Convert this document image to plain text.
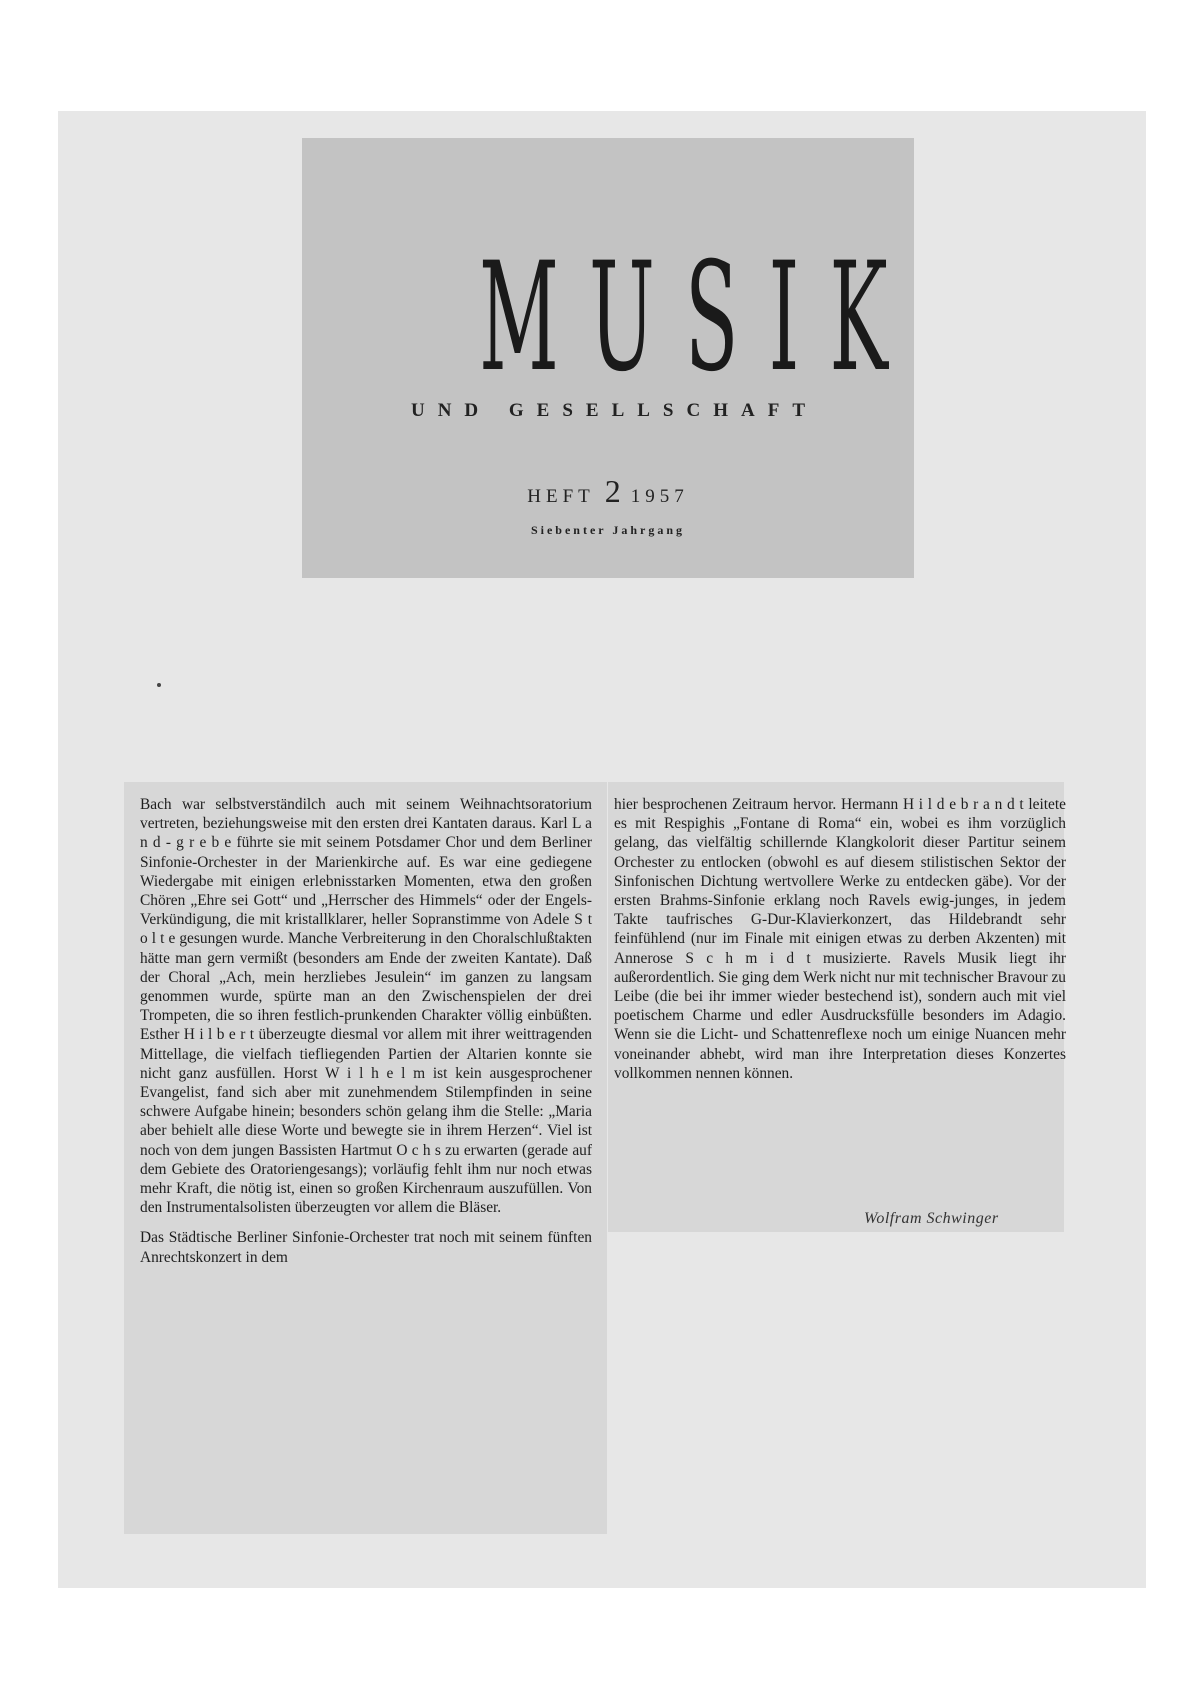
MUSIK
UND GESELLSCHAFT
HEFT 2 1957
Siebenter Jahrgang

Bach war selbstverständilch auch mit seinem Weihnachtsoratorium vertreten, beziehungsweise mit den ersten drei Kantaten daraus. Karl L a n d - g r e b e führte sie mit seinem Potsdamer Chor und dem Berliner Sinfonie-Orchester in der Marienkirche auf. Es war eine gediegene Wiedergabe mit einigen erlebnisstarken Momenten, etwa den großen Chören „Ehre sei Gott“ und „Herrscher des Himmels“ oder der Engels-Verkündigung, die mit kristallklarer, heller Sopranstimme von Adele S t o l t e gesungen wurde. Manche Verbreiterung in den Choralschlußtakten hätte man gern vermißt (besonders am Ende der zweiten Kantate). Daß der Choral „Ach, mein herzliebes Jesulein“ im ganzen zu langsam genommen wurde, spürte man an den Zwischenspielen der drei Trompeten, die so ihren festlich-prunkenden Charakter völlig einbüßten. Esther H i l b e r t überzeugte diesmal vor allem mit ihrer weittragenden Mittellage, die vielfach tiefliegenden Partien der Altarien konnte sie nicht ganz ausfüllen. Horst W i l h e l m ist kein ausgesprochener Evangelist, fand sich aber mit zunehmendem Stilempfinden in seine schwere Aufgabe hinein; besonders schön gelang ihm die Stelle: „Maria aber behielt alle diese Worte und bewegte sie in ihrem Herzen“. Viel ist noch von dem jungen Bassisten Hartmut O c h s zu erwarten (gerade auf dem Gebiete des Oratoriengesangs); vorläufig fehlt ihm nur noch etwas mehr Kraft, die nötig ist, einen so großen Kirchenraum auszufüllen. Von den Instrumentalsolisten überzeugten vor allem die Bläser.

Das Städtische Berliner Sinfonie-Orchester trat noch mit seinem fünften Anrechtskonzert in dem

hier besprochenen Zeitraum hervor. Hermann H i l d e b r a n d t leitete es mit Respighis „Fontane di Roma“ ein, wobei es ihm vorzüglich gelang, das vielfältig schillernde Klangkolorit dieser Partitur seinem Orchester zu entlocken (obwohl es auf diesem stilistischen Sektor der Sinfonischen Dichtung wertvollere Werke zu entdecken gäbe). Vor der ersten Brahms-Sinfonie erklang noch Ravels ewig-junges, in jedem Takte taufrisches G-Dur-Klavierkonzert, das Hildebrandt sehr feinfühlend (nur im Finale mit einigen etwas zu derben Akzenten) mit Annerose S c h m i d t musizierte. Ravels Musik liegt ihr außerordentlich. Sie ging dem Werk nicht nur mit technischer Bravour zu Leibe (die bei ihr immer wieder bestechend ist), sondern auch mit viel poetischem Charme und edler Ausdrucksfülle besonders im Adagio. Wenn sie die Licht- und Schattenreflexe noch um einige Nuancen mehr voneinander abhebt, wird man ihre Interpretation dieses Konzertes vollkommen nennen können.

Wolfram Schwinger
